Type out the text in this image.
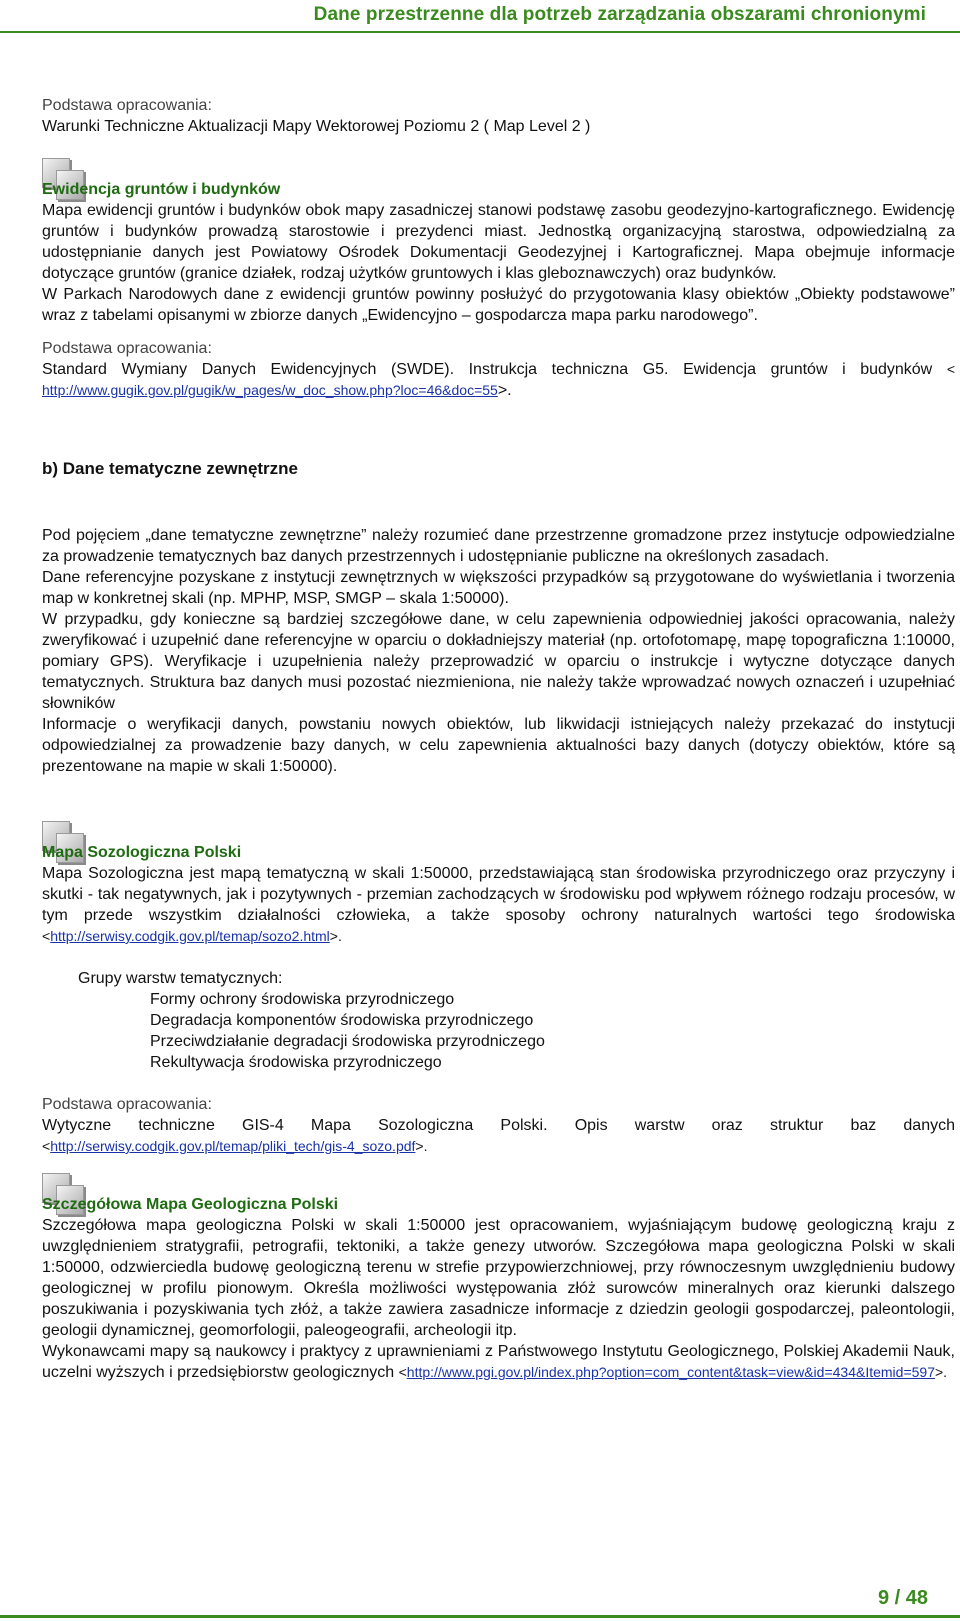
Dane przestrzenne dla potrzeb zarządzania obszarami chronionymi

Podstawa opracowania:

Warunki Techniczne Aktualizacji Mapy Wektorowej Poziomu 2 ( Map Level 2 )

Ewidencja gruntów i budynków

Mapa ewidencji gruntów i budynków obok mapy zasadniczej stanowi podstawę zasobu geodezyjno-kartograficznego. Ewidencję gruntów i budynków prowadzą starostowie i prezydenci miast. Jednostką organizacyjną starostwa, odpowiedzialną za udostępnianie danych jest Powiatowy Ośrodek Dokumentacji Geodezyjnej i Kartograficznej. Mapa obejmuje informacje dotyczące gruntów (granice działek, rodzaj użytków gruntowych i klas gleboznawczych) oraz budynków.

W Parkach Narodowych dane z ewidencji gruntów powinny posłużyć do przygotowania klasy obiektów „Obiekty podstawowe” wraz z tabelami opisanymi w zbiorze danych „Ewidencyjno – gospodarcza mapa parku narodowego”.

Podstawa opracowania:

Standard Wymiany Danych Ewidencyjnych (SWDE). Instrukcja techniczna G5. Ewidencja gruntów i budynków < http://www.gugik.gov.pl/gugik/w_pages/w_doc_show.php?loc=46&doc=55>.

b) Dane tematyczne zewnętrzne

Pod pojęciem „dane tematyczne zewnętrzne” należy rozumieć dane przestrzenne gromadzone przez instytucje odpowiedzialne za prowadzenie tematycznych baz danych przestrzennych i udostępnianie publiczne na określonych zasadach.

Dane referencyjne pozyskane z instytucji zewnętrznych w większości przypadków są przygotowane do wyświetlania i tworzenia map w konkretnej skali (np. MPHP, MSP, SMGP – skala 1:50000).

W przypadku, gdy konieczne są bardziej szczegółowe dane, w celu zapewnienia odpowiedniej jakości opracowania, należy zweryfikować i uzupełnić dane referencyjne w oparciu o dokładniejszy materiał (np. ortofotomapę, mapę topograficzna 1:10000, pomiary GPS). Weryfikacje i uzupełnienia należy przeprowadzić w oparciu o instrukcje i wytyczne dotyczące danych tematycznych. Struktura baz danych musi pozostać niezmieniona, nie należy także wprowadzać nowych oznaczeń i uzupełniać słowników

Informacje o weryfikacji danych, powstaniu nowych obiektów, lub likwidacji istniejących należy przekazać do instytucji odpowiedzialnej za prowadzenie bazy danych, w celu zapewnienia aktualności bazy danych (dotyczy obiektów, które są prezentowane na mapie w skali 1:50000).

Mapa Sozologiczna Polski

Mapa Sozologiczna jest mapą tematyczną w skali 1:50000, przedstawiającą stan środowiska przyrodniczego oraz przyczyny i skutki - tak negatywnych, jak i pozytywnych - przemian zachodzących w środowisku pod wpływem różnego rodzaju procesów, w tym przede wszystkim działalności człowieka, a także sposoby ochrony naturalnych wartości tego środowiska <http://serwisy.codgik.gov.pl/temap/sozo2.html>.

Grupy warstw tematycznych:

Formy ochrony środowiska przyrodniczego

Degradacja komponentów środowiska przyrodniczego

Przeciwdziałanie degradacji środowiska przyrodniczego

Rekultywacja środowiska przyrodniczego

Podstawa opracowania:

Wytyczne techniczne GIS-4 Mapa Sozologiczna Polski. Opis warstw oraz struktur baz danych <http://serwisy.codgik.gov.pl/temap/pliki_tech/gis-4_sozo.pdf>.

Szczegółowa Mapa Geologiczna Polski

Szczegółowa mapa geologiczna Polski w skali 1:50000 jest opracowaniem, wyjaśniającym budowę geologiczną kraju z uwzględnieniem stratygrafii, petrografii, tektoniki, a także genezy utworów. Szczegółowa mapa geologiczna Polski w skali 1:50000, odzwierciedla budowę geologiczną terenu w strefie przypowierzchniowej, przy równoczesnym uwzględnieniu budowy geologicznej w profilu pionowym. Określa możliwości występowania złóż surowców mineralnych oraz kierunki dalszego poszukiwania i pozyskiwania tych złóż, a także zawiera zasadnicze informacje z dziedzin geologii gospodarczej, paleontologii, geologii dynamicznej, geomorfologii, paleogeografii, archeologii itp.

Wykonawcami mapy są naukowcy i praktycy z uprawnieniami z Państwowego Instytutu Geologicznego, Polskiej Akademii Nauk, uczelni wyższych i przedsiębiorstw geologicznych <http://www.pgi.gov.pl/index.php?option=com_content&task=view&id=434&Itemid=597>.

9 / 48
